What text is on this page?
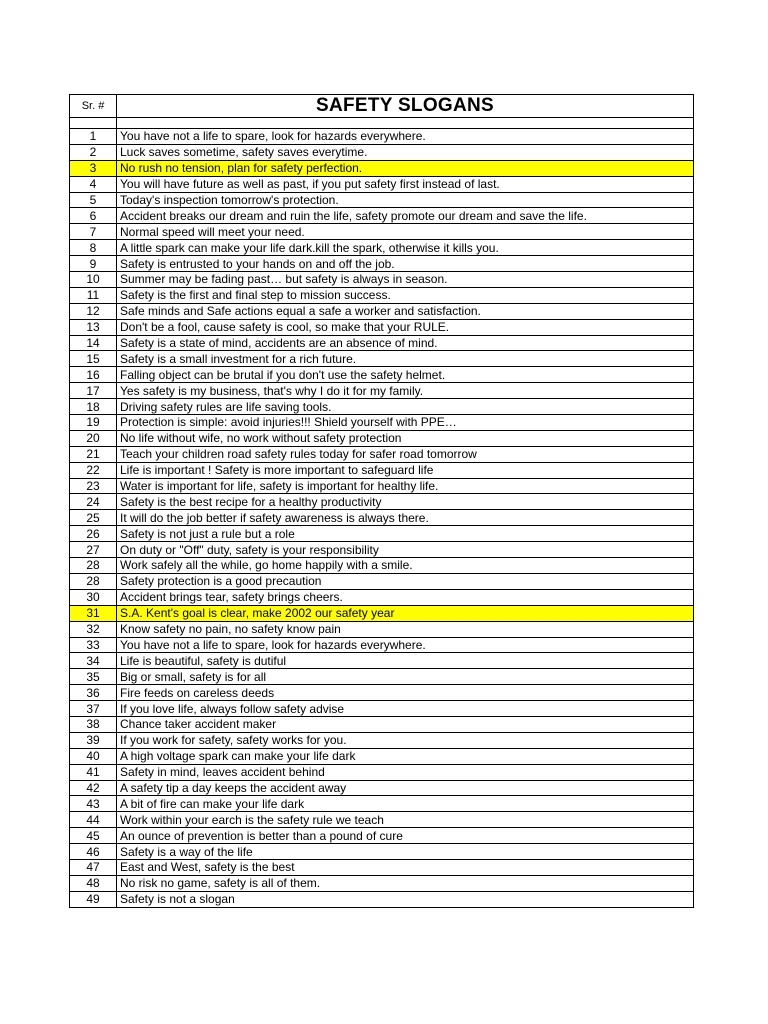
Sr. #	SAFETY SLOGANS

1	You have not a life to spare, look for hazards everywhere.
2	Luck saves sometime, safety saves everytime.
3	No rush no tension, plan for safety perfection.
4	You will have future as well as past, if you put safety first instead of last.
5	Today's inspection tomorrow's protection.
6	Accident breaks our dream and ruin the life, safety promote our dream and save the life.
7	Normal speed will meet your need.
8	A little spark can make your life dark.kill the spark, otherwise it kills you.
9	Safety is entrusted to your hands on and off the job.
10	Summer may be fading past… but safety is always in season.
11	Safety is the first and final step to mission success.
12	Safe minds and Safe actions equal a safe a worker and satisfaction.
13	Don't be a fool, cause safety is cool, so make that your RULE.
14	Safety is a state of mind, accidents are an absence of mind.
15	Safety is a small investment for a rich future.
16	Falling object can be brutal if you don't use the safety helmet.
17	Yes safety is my business, that's why I do it for my family.
18	Driving safety rules are life saving tools.
19	Protection is simple: avoid injuries!!! Shield yourself with PPE…
20	No life without wife, no work without safety protection
21	Teach your children road safety rules today for safer road tomorrow
22	Life is important ! Safety is more important to safeguard life
23	Water is important for life, safety is important for healthy life.
24	Safety is the best recipe for a healthy productivity
25	It will do the job better if safety awareness is always there.
26	Safety is not just a rule but a role
27	On duty or "Off" duty, safety is your responsibility
28	Work safely all the while, go home happily with a smile.
28	Safety protection is a good precaution
30	Accident brings tear, safety brings cheers.
31	S.A. Kent's goal is clear, make 2002 our safety year
32	Know safety no pain, no safety know pain
33	You have not a life to spare, look for hazards everywhere.
34	Life is beautiful, safety is dutiful
35	Big or small, safety is for all
36	Fire feeds on careless deeds
37	If you love life, always follow safety advise
38	Chance taker accident maker
39	If you work for safety, safety works for you.
40	A high voltage spark can make your life dark
41	Safety in mind, leaves accident behind
42	A safety tip a day keeps the accident away
43	A bit of fire can make your life dark
44	Work within your earch is the safety rule we teach
45	An ounce of prevention is better than a pound of cure
46	Safety is a way of the life
47	East and West, safety is the best
48	No risk no game, safety is all of them.
49	Safety is not a slogan
